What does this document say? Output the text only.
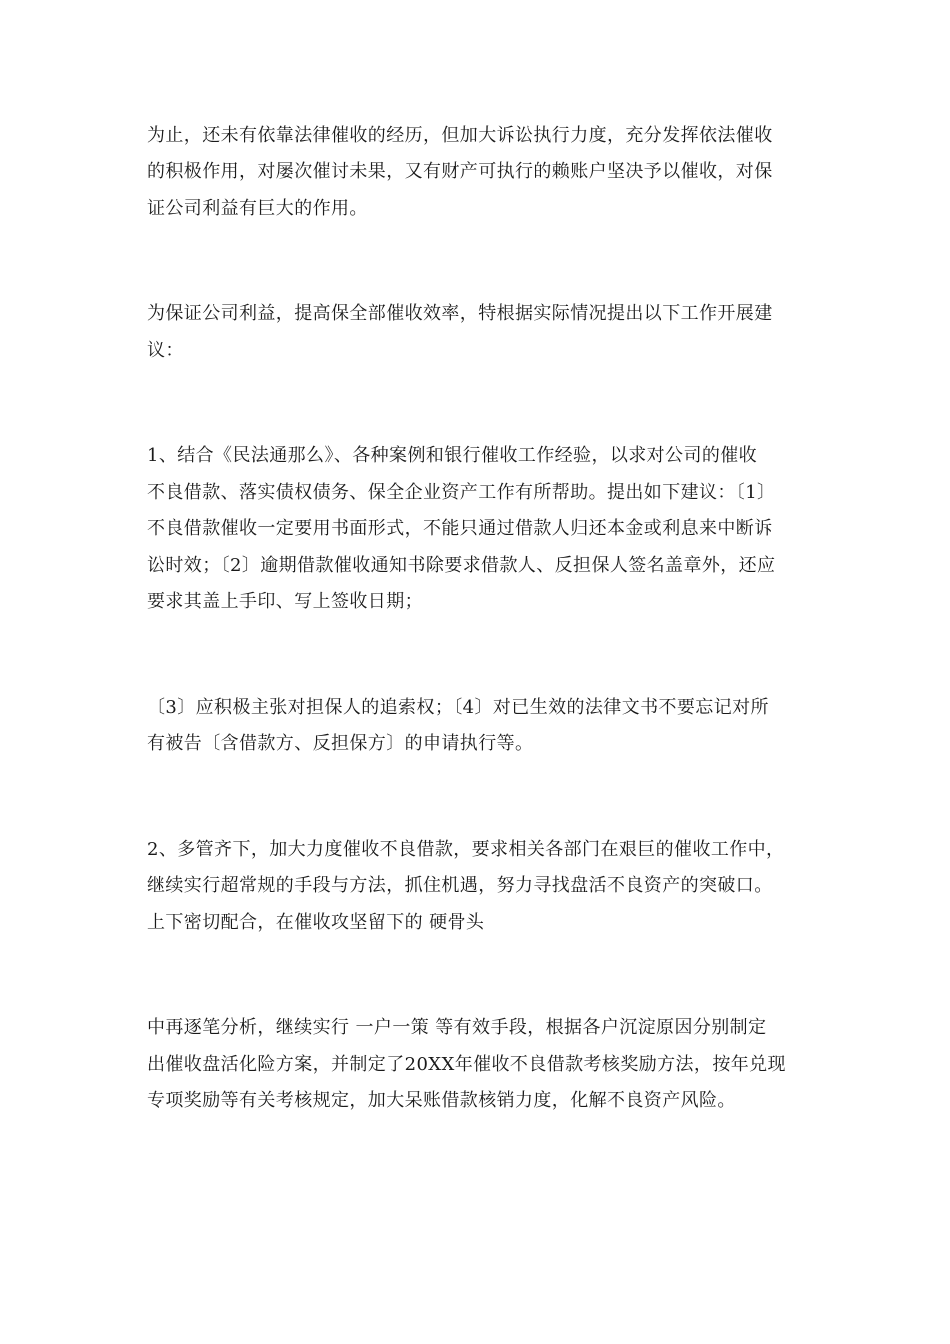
为止，还未有依靠法律催收的经历，但加大诉讼执行力度，充分发挥依法催收
的积极作用，对屡次催讨未果，又有财产可执行的赖账户坚决予以催收，对保
证公司利益有巨大的作用。
为保证公司利益，提高保全部催收效率，特根据实际情况提出以下工作开展建
议：
1、结合《民法通那么》、各种案例和银行催收工作经验，以求对公司的催收
不良借款、落实债权债务、保全企业资产工作有所帮助。提出如下建议：〔1〕
不良借款催收一定要用书面形式，不能只通过借款人归还本金或利息来中断诉
讼时效；〔2〕逾期借款催收通知书除要求借款人、反担保人签名盖章外，还应
要求其盖上手印、写上签收日期；
〔3〕应积极主张对担保人的追索权；〔4〕对已生效的法律文书不要忘记对所
有被告〔含借款方、反担保方〕的申请执行等。
2、多管齐下，加大力度催收不良借款，要求相关各部门在艰巨的催收工作中，
继续实行超常规的手段与方法，抓住机遇，努力寻找盘活不良资产的突破口。
上下密切配合，在催收攻坚留下的 硬骨头
中再逐笔分析，继续实行 一户一策 等有效手段，根据各户沉淀原因分别制定
出催收盘活化险方案，并制定了20XX年催收不良借款考核奖励方法，按年兑现
专项奖励等有关考核规定，加大呆账借款核销力度，化解不良资产风险。
